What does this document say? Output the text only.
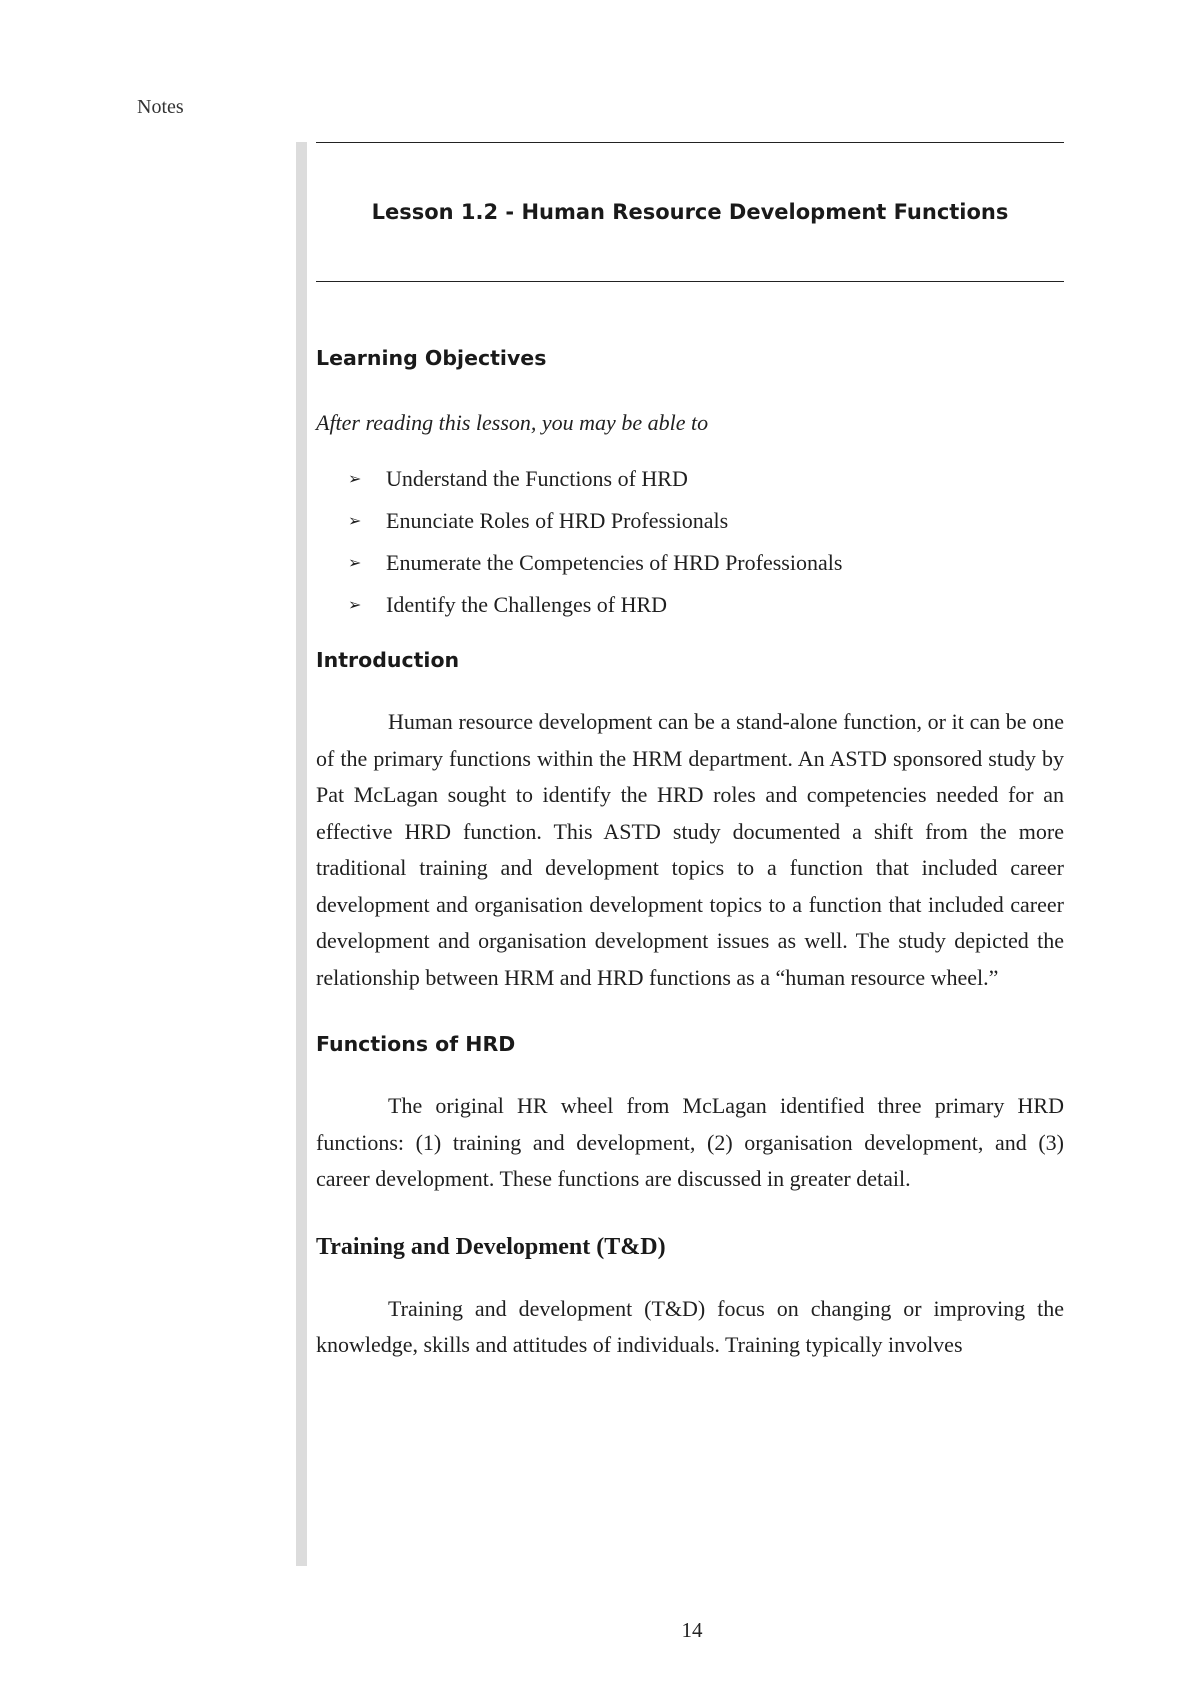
Notes
Lesson 1.2 - Human Resource Development Functions
Learning Objectives

After reading this lesson, you may be able to

➢ Understand the Functions of HRD
➢ Enunciate Roles of HRD Professionals
➢ Enumerate the Competencies of HRD Professionals
➢ Identify the Challenges of HRD
Introduction

Human resource development can be a stand-alone function, or it can be one of the primary functions within the HRM department. An ASTD sponsored study by Pat McLagan sought to identify the HRD roles and competencies needed for an effective HRD function. This ASTD study documented a shift from the more traditional training and development topics to a function that included career development and organisation development topics to a function that included career development and organisation development issues as well. The study depicted the relationship between HRM and HRD functions as a “human resource wheel.”

Functions of HRD

The original HR wheel from McLagan identified three primary HRD functions: (1) training and development, (2) organisation development, and (3) career development. These functions are discussed in greater detail.

Training and Development (T&D)

Training and development (T&D) focus on changing or improving the knowledge, skills and attitudes of individuals. Training typically involves

14
